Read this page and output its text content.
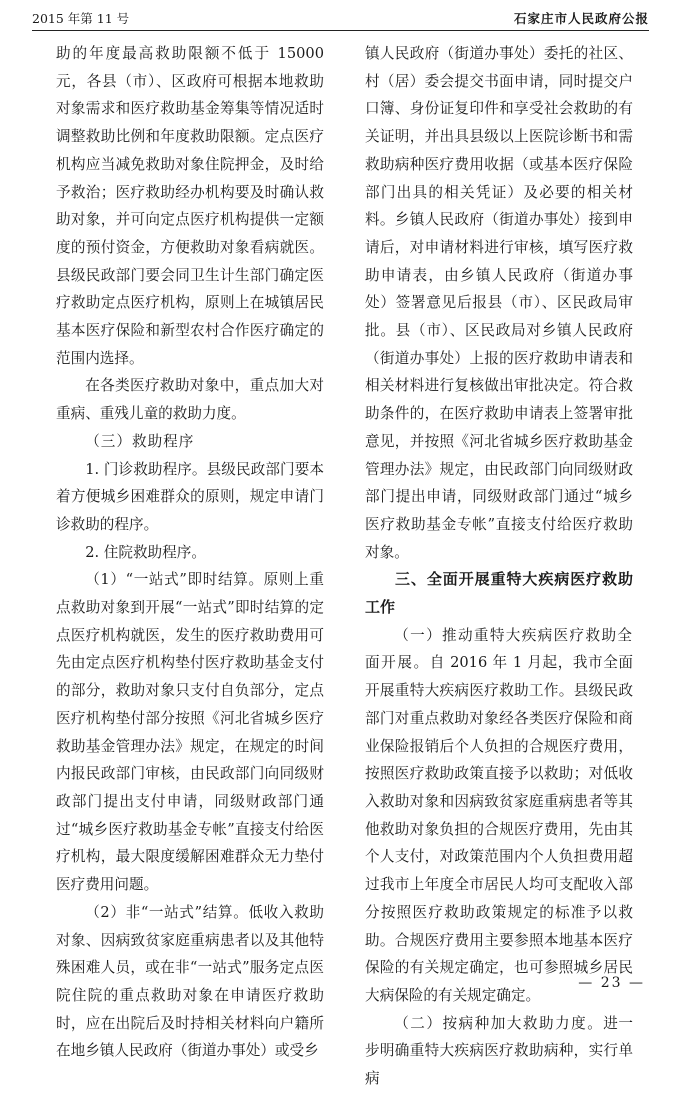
2015 年第 11 号	石家庄市人民政府公报

助的年度最高救助限额不低于 15000 元，各县（市）、区政府可根据本地救助对象需求和医疗救助基金筹集等情况适时调整救助比例和年度救助限额。定点医疗机构应当减免救助对象住院押金，及时给予救治；医疗救助经办机构要及时确认救助对象，并可向定点医疗机构提供一定额度的预付资金，方便救助对象看病就医。县级民政部门要会同卫生计生部门确定医疗救助定点医疗机构，原则上在城镇居民基本医疗保险和新型农村合作医疗确定的范围内选择。

在各类医疗救助对象中，重点加大对重病、重残儿童的救助力度。

（三）救助程序

1. 门诊救助程序。县级民政部门要本着方便城乡困难群众的原则，规定申请门诊救助的程序。

2. 住院救助程序。

（1）“一站式”即时结算。原则上重点救助对象到开展“一站式”即时结算的定点医疗机构就医，发生的医疗救助费用可先由定点医疗机构垫付医疗救助基金支付的部分，救助对象只支付自负部分，定点医疗机构垫付部分按照《河北省城乡医疗救助基金管理办法》规定，在规定的时间内报民政部门审核，由民政部门向同级财政部门提出支付申请，同级财政部门通过“城乡医疗救助基金专帐”直接支付给医疗机构，最大限度缓解困难群众无力垫付医疗费用问题。

（2）非“一站式”结算。低收入救助对象、因病致贫家庭重病患者以及其他特殊困难人员，或在非“一站式”服务定点医院住院的重点救助对象在申请医疗救助时，应在出院后及时持相关材料向户籍所在地乡镇人民政府（街道办事处）或受乡

镇人民政府（街道办事处）委托的社区、村（居）委会提交书面申请，同时提交户口簿、身份证复印件和享受社会救助的有关证明，并出具县级以上医院诊断书和需救助病种医疗费用收据（或基本医疗保险部门出具的相关凭证）及必要的相关材料。乡镇人民政府（街道办事处）接到申请后，对申请材料进行审核，填写医疗救助申请表，由乡镇人民政府（街道办事处）签署意见后报县（市）、区民政局审批。县（市）、区民政局对乡镇人民政府（街道办事处）上报的医疗救助申请表和相关材料进行复核做出审批决定。符合救助条件的，在医疗救助申请表上签署审批意见，并按照《河北省城乡医疗救助基金管理办法》规定，由民政部门向同级财政部门提出申请，同级财政部门通过“城乡医疗救助基金专帐”直接支付给医疗救助对象。

三、全面开展重特大疾病医疗救助工作

（一）推动重特大疾病医疗救助全面开展。自 2016 年 1 月起，我市全面开展重特大疾病医疗救助工作。县级民政部门对重点救助对象经各类医疗保险和商业保险报销后个人负担的合规医疗费用，按照医疗救助政策直接予以救助；对低收入救助对象和因病致贫家庭重病患者等其他救助对象负担的合规医疗费用，先由其个人支付，对政策范围内个人负担费用超过我市上年度全市居民人均可支配收入部分按照医疗救助政策规定的标准予以救助。合规医疗费用主要参照本地基本医疗保险的有关规定确定，也可参照城乡居民大病保险的有关规定确定。

（二）按病种加大救助力度。进一步明确重特大疾病医疗救助病种，实行单病

— 23 —
